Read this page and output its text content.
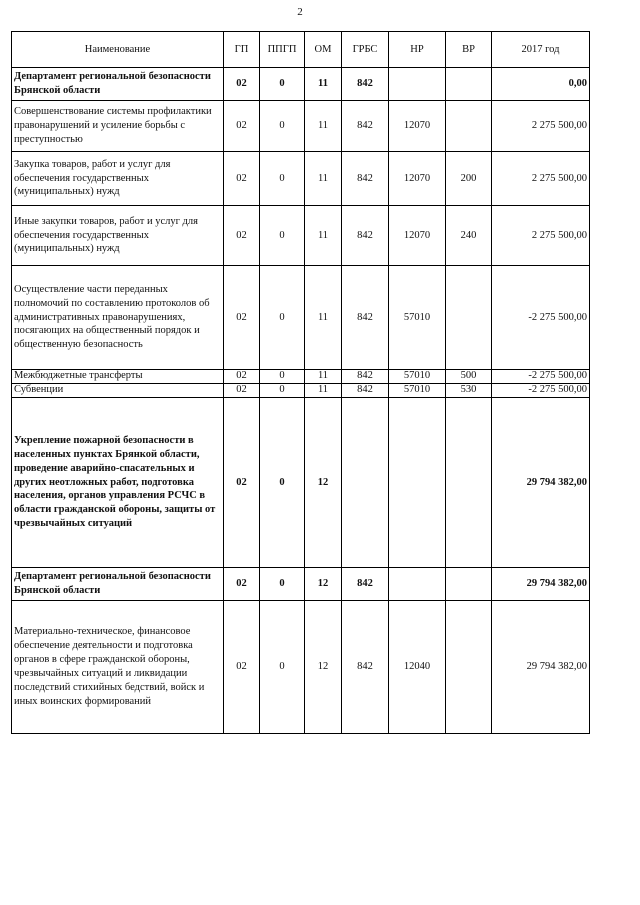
2
Наименование	ГП	ППГП	ОМ	ГРБС	НР	ВР	2017 год
Департамент региональной безопасности Брянской области	02	0	11	842			0,00
Совершенствование системы профилактики правонарушений и усиление борьбы с преступностью	02	0	11	842	12070		2 275 500,00
Закупка товаров, работ и услуг для обеспечения государственных (муниципальных) нужд	02	0	11	842	12070	200	2 275 500,00
Иные закупки товаров, работ и услуг для обеспечения государственных (муниципальных) нужд	02	0	11	842	12070	240	2 275 500,00
Осуществление части переданных полномочий по составлению протоколов об административных правонарушениях, посягающих на общественный порядок и общественную безопасность	02	0	11	842	57010		-2 275 500,00
Межбюджетные трансферты	02	0	11	842	57010	500	-2 275 500,00
Субвенции	02	0	11	842	57010	530	-2 275 500,00
Укрепление пожарной безопасности в населенных пунктах Брянкой области, проведение аварийно-спасательных и других неотложных работ, подготовка населения, органов управления РСЧС в области гражданской обороны, защиты от чрезвычайных ситуаций	02	0	12				29 794 382,00
Департамент региональной безопасности Брянской области	02	0	12	842			29 794 382,00
Материально-техническое, финансовое обеспечение деятельности и подготовка органов в сфере гражданской обороны, чрезвычайных ситуаций и ликвидации последствий стихийных бедствий, войск и иных воинских формирований	02	0	12	842	12040		29 794 382,00
